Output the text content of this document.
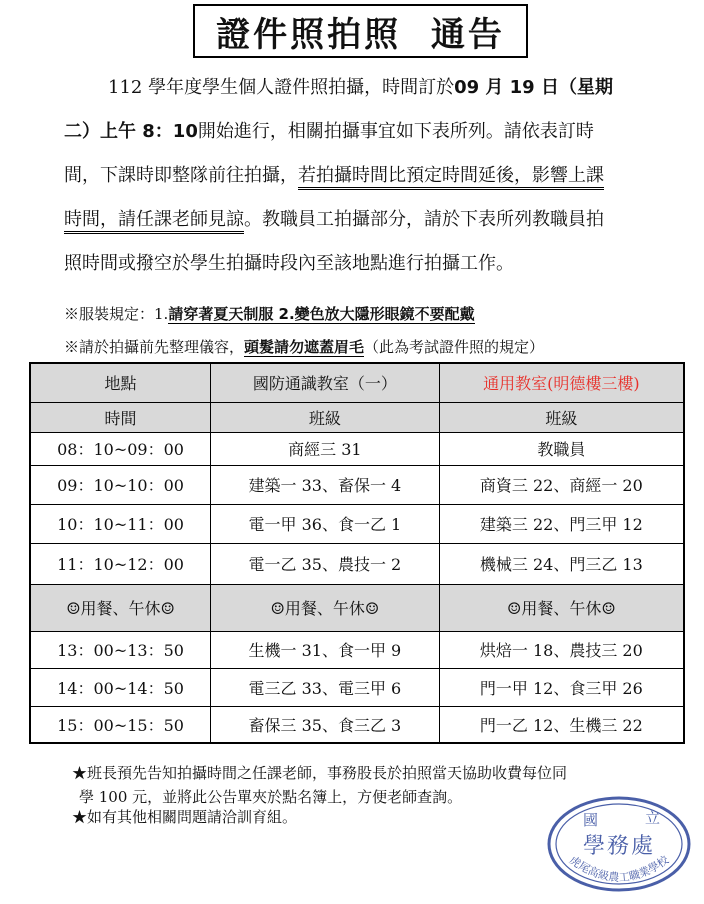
證件照拍照
通告
112 學年度學生個人證件照拍攝，時間訂於09 月 19 日（星期
二）上午 8：10開始進行，相關拍攝事宜如下表所列。請依表訂時
間，下課時即整隊前往拍攝，若拍攝時間比預定時間延後，影響上課
時間，請任課老師見諒。教職員工拍攝部分，請於下表所列教職員拍
照時間或撥空於學生拍攝時段內至該地點進行拍攝工作。
※服裝規定：1.請穿著夏天制服 2.變色放大隱形眼鏡不要配戴
※請於拍攝前先整理儀容，頭髮請勿遮蓋眉毛（此為考試證件照的規定）
地點	國防通識教室（一）	通用教室(明德樓三樓)
時間	班級	班級
08：10~09：00	商經三 31	教職員
09：10~10：00	建築一 33、畜保一 4	商資三 22、商經一 20
10：10~11：00	電一甲 36、食一乙 1	建築三 22、門三甲 12
11：10~12：00	電一乙 35、農技一 2	機械三 24、門三乙 13
☺用餐、午休☺	☺用餐、午休☺	☺用餐、午休☺
13：00~13：50	生機一 31、食一甲 9	烘焙一 18、農技三 20
14：00~14：50	電三乙 33、電三甲 6	門一甲 12、食三甲 26
15：00~15：50	畜保三 35、食三乙 3	門一乙 12、生機三 22
★班長預先告知拍攝時間之任課老師，事務股長於拍照當天協助收費每位同
學 100 元，並將此公告單夾於點名簿上，方便老師查詢。
★如有其他相關問題請洽訓育組。	國	立
學務處
虎尾高級農工職業學校
